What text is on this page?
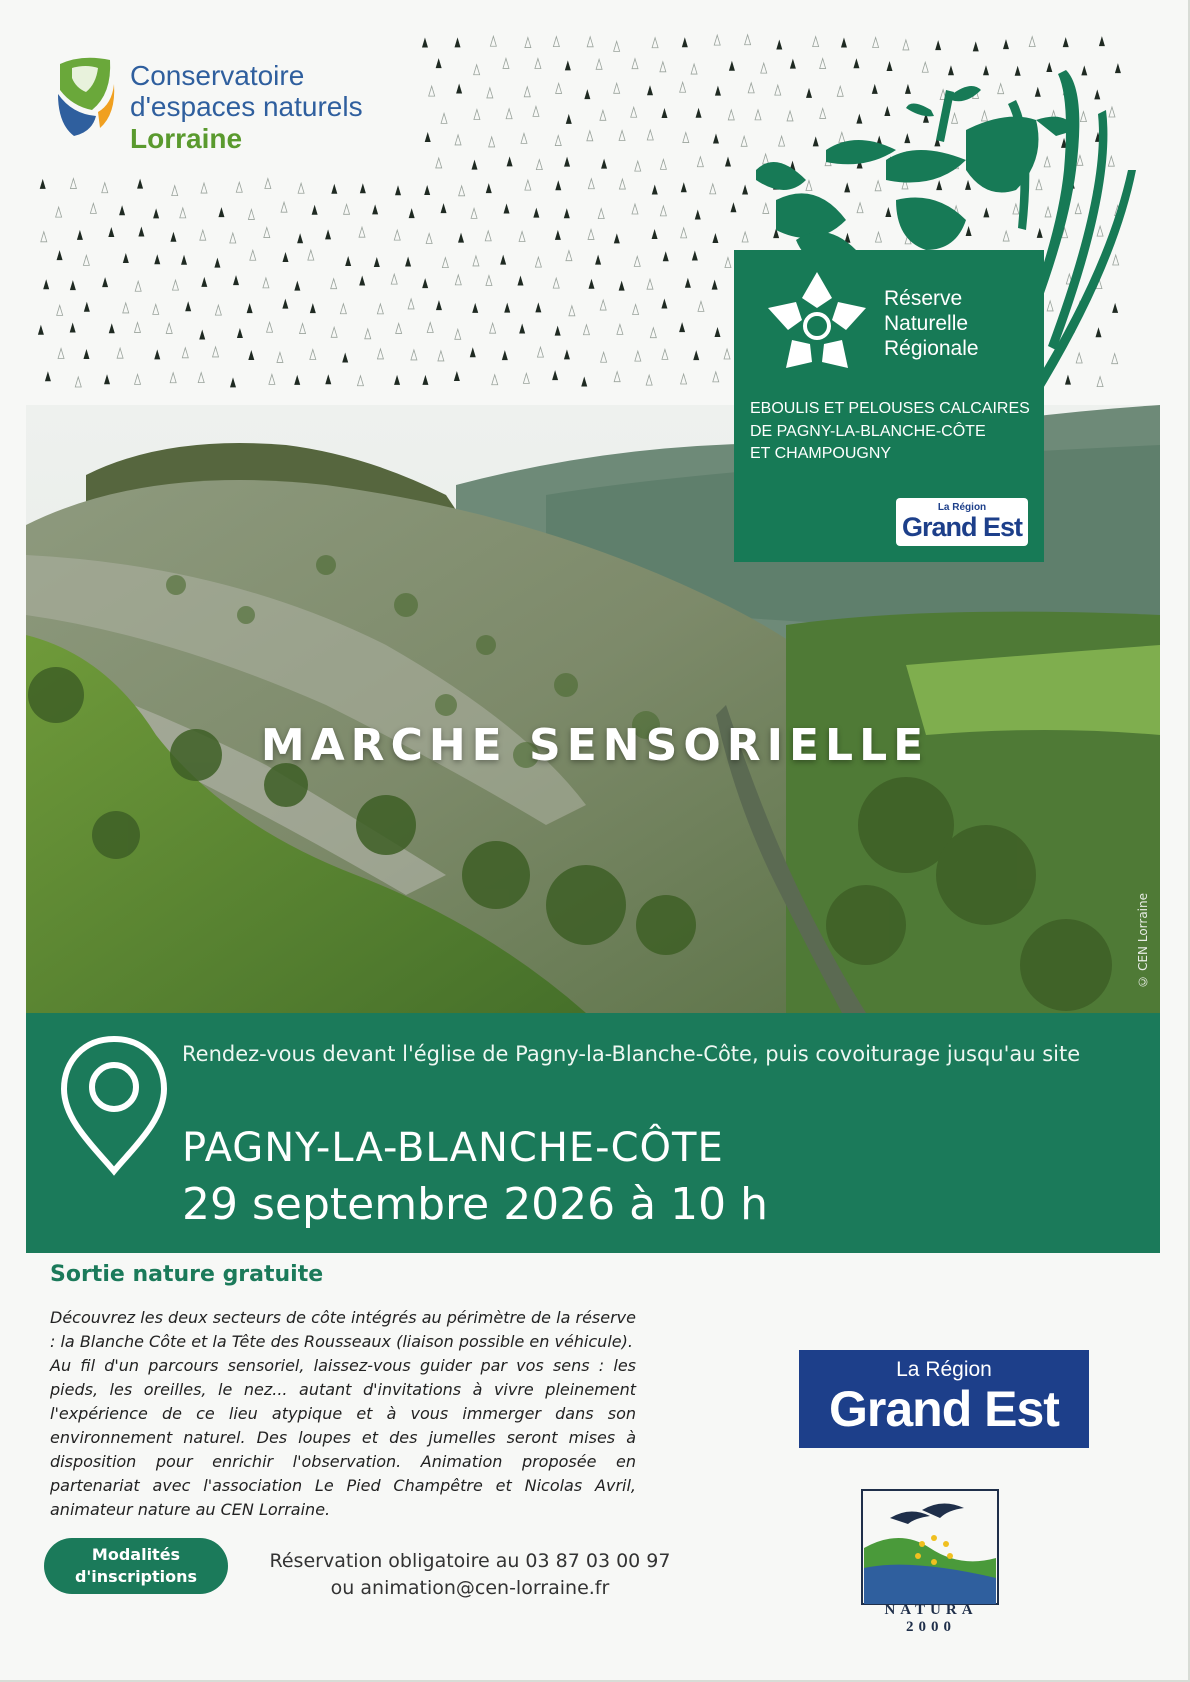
Conservatoire
d'espaces naturels
Lorraine
© CEN Lorraine
MARCHE SENSORIELLE
Réserve
Naturelle
Régionale
EBOULIS ET PELOUSES CALCAIRES
DE PAGNY-LA-BLANCHE-CÔTE
ET CHAMPOUGNY
La Région
Grand Est
Rendez-vous devant l'église de Pagny-la-Blanche-Côte, puis covoiturage jusqu'au site
PAGNY-LA-BLANCHE-CÔTE
29 septembre 2026 à 10 h
Sortie nature gratuite

Découvrez les deux secteurs de côte intégrés au périmètre de la réserve : la Blanche Côte et la Tête des Rousseaux (liaison possible en véhicule).

Au fil d'un parcours sensoriel, laissez-vous guider par vos sens : les pieds, les oreilles, le nez... autant d'invitations à vivre pleinement l'expérience de ce lieu atypique et à vous immerger dans son environnement naturel. Des loupes et des jumelles seront mises à disposition pour enrichir l'observation. Animation proposée en partenariat avec l'association Le Pied Champêtre et Nicolas Avril, animateur nature au CEN Lorraine.

Modalités
d'inscriptions
Réservation obligatoire au 03 87 03 00 97
ou animation@cen-lorraine.fr
La Région
Grand Est
NATURA 2000
